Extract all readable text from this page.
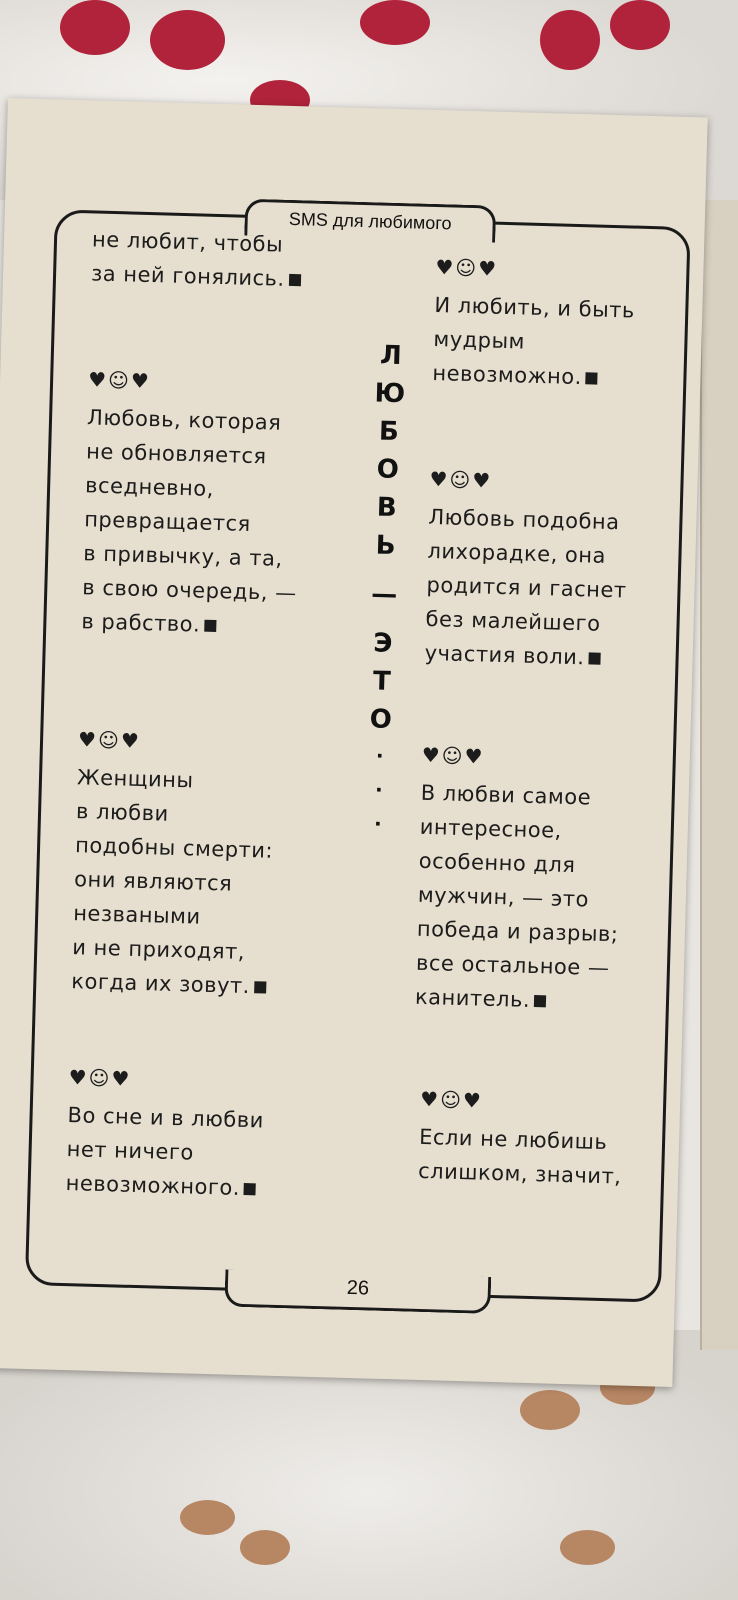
SMS для любимого
26
не любит, чтобы
за ней гонялись.
♥☺♥
Любовь, которая
не обновляется
вседневно,
превращается
в привычку, а та,
в свою очередь, —
в рабство.
♥☺♥
Женщины
в любви
подобны смерти:
они являются
незваными
и не приходят,
когда их зовут.
♥☺♥
Во сне и в любви
нет ничего
невозможного.
Л
Ю
Б
О
В
Ь
—
Э
Т
О
·
·
·
♥☺♥
И любить, и быть
мудрым
невозможно.
♥☺♥
Любовь подобна
лихорадке, она
родится и гаснет
без малейшего
участия воли.
♥☺♥
В любви самое
интересное,
особенно для
мужчин, — это
победа и разрыв;
все остальное —
канитель.
♥☺♥
Если не любишь
слишком, значит,
